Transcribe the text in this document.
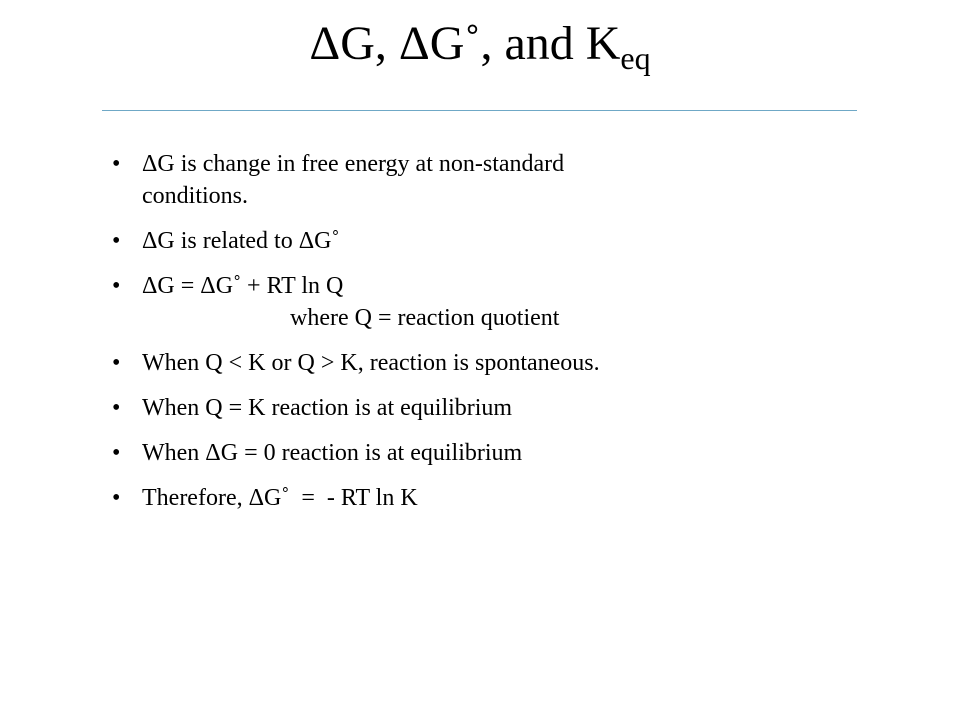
ΔG, ΔG˚, and $K_{eq}$
• ΔG is change in free energy at non-standard
conditions.
• ΔG is related to ΔG˚
• ΔG = ΔG˚ + RT ln Q
where Q = reaction quotient
• When Q < K or Q > K, reaction is spontaneous.
• When Q = K reaction is at equilibrium
• When ΔG = 0 reaction is at equilibrium
• Therefore, ΔG˚  =  - RT ln K
